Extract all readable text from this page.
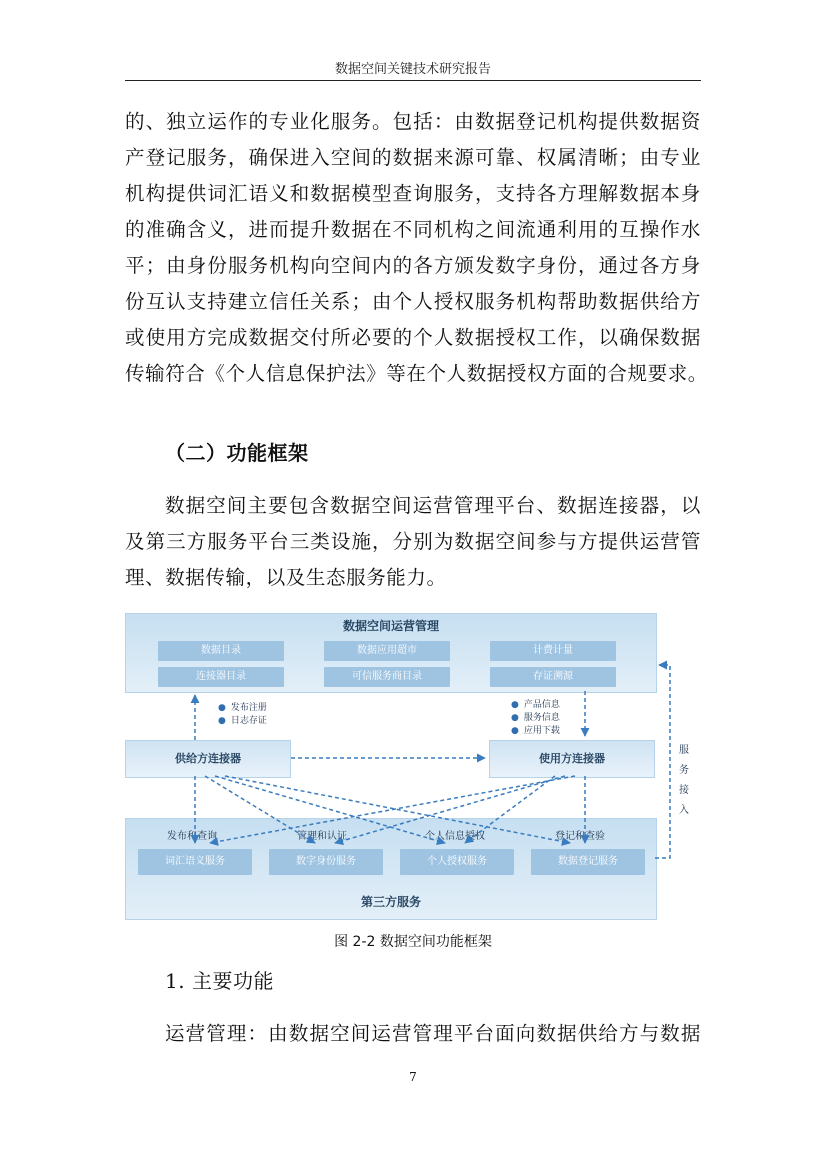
数据空间关键技术研究报告
的、独立运作的专业化服务。包括：由数据登记机构提供数据资
产登记服务，确保进入空间的数据来源可靠、权属清晰；由专业
机构提供词汇语义和数据模型查询服务，支持各方理解数据本身
的准确含义，进而提升数据在不同机构之间流通利用的互操作水
平；由身份服务机构向空间内的各方颁发数字身份，通过各方身
份互认支持建立信任关系；由个人授权服务机构帮助数据供给方
或使用方完成数据交付所必要的个人数据授权工作，以确保数据
传输符合《个人信息保护法》等在个人数据授权方面的合规要求。
（二）功能框架
数据空间主要包含数据空间运营管理平台、数据连接器，以
及第三方服务平台三类设施，分别为数据空间参与方提供运营管
理、数据传输，以及生态服务能力。
数据空间运营管理
数据目录	数据应用超市	计费计量
连接器目录	可信服务商目录	存证溯源
● 发布注册
● 日志存证
● 产品信息
● 服务信息
● 应用下载
供给方连接器	使用方连接器
服
务
接
入
词汇语义服务	数字身份服务	个人授权服务	数据登记服务
第三方服务
发布和查询	管理和认证	个人信息授权	登记和查验
图 2-2 数据空间功能框架
1. 主要功能
运营管理：由数据空间运营管理平台面向数据供给方与数据
7
